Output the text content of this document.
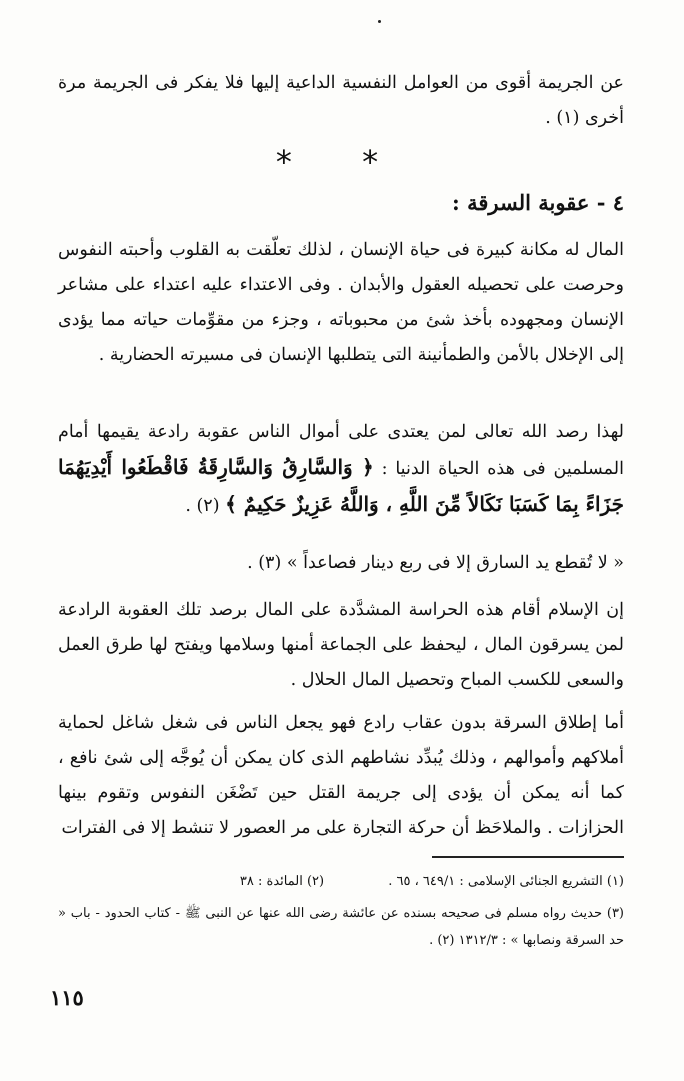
عن الجريمة أقوى من العوامل النفسية الداعية إليها فلا يفكر فى الجريمة مرة أخرى (١) .

* *
٤ - عقوبة السرقة :

المال له مكانة كبيرة فى حياة الإنسان ، لذلك تعلّقت به القلوب وأحبته النفوس وحرصت على تحصيله العقول والأبدان . وفى الاعتداء عليه اعتداء على مشاعر الإنسان ومجهوده بأخذ شئ من محبوباته ، وجزء من مقوِّمات حياته مما يؤدى إلى الإخلال بالأمن والطمأنينة التى يتطلبها الإنسان فى مسيرته الحضارية .

لهذا رصد الله تعالى لمن يعتدى على أموال الناس عقوبة رادعة يقيمها أمام المسلمين فى هذه الحياة الدنيا : ﴿ وَالسَّارِقُ وَالسَّارِقَةُ فَاقْطَعُوا أَيْدِيَهُمَا جَزَاءً بِمَا كَسَبَا نَكَالاً مِّنَ اللَّهِ ، وَاللَّهُ عَزِيزٌ حَكِيمٌ ﴾ (٢) .

« لا تُقطع يد السارق إلا فى ربع دينار فصاعداً » (٣) .

إن الإسلام أقام هذه الحراسة المشدَّدة على المال برصد تلك العقوبة الرادعة لمن يسرقون المال ، ليحفظ على الجماعة أمنها وسلامها ويفتح لها طرق العمل والسعى للكسب المباح وتحصيل المال الحلال .

أما إطلاق السرقة بدون عقاب رادع فهو يجعل الناس فى شغل شاغل لحماية أملاكهم وأموالهم ، وذلك يُبدِّد نشاطهم الذى كان يمكن أن يُوجَّه إلى شئ نافع ، كما أنه يمكن أن يؤدى إلى جريمة القتل حين تَضْغَن النفوس وتقوم بينها الحزازات . والملاحَظ أن حركة التجارة على مر العصور لا تنشط إلا فى الفترات

(١) التشريع الجنائى الإسلامى : ٦٤٩/١ ، ٦٥ . (٢) المائدة : ٣٨
(٣) حديث رواه مسلم فى صحيحه بسنده عن عائشة رضى الله عنها عن النبى ﷺ - كتاب الحدود - باب « حد السرقة ونصابها » : ١٣١٢/٣ (٢) .
١١٥
